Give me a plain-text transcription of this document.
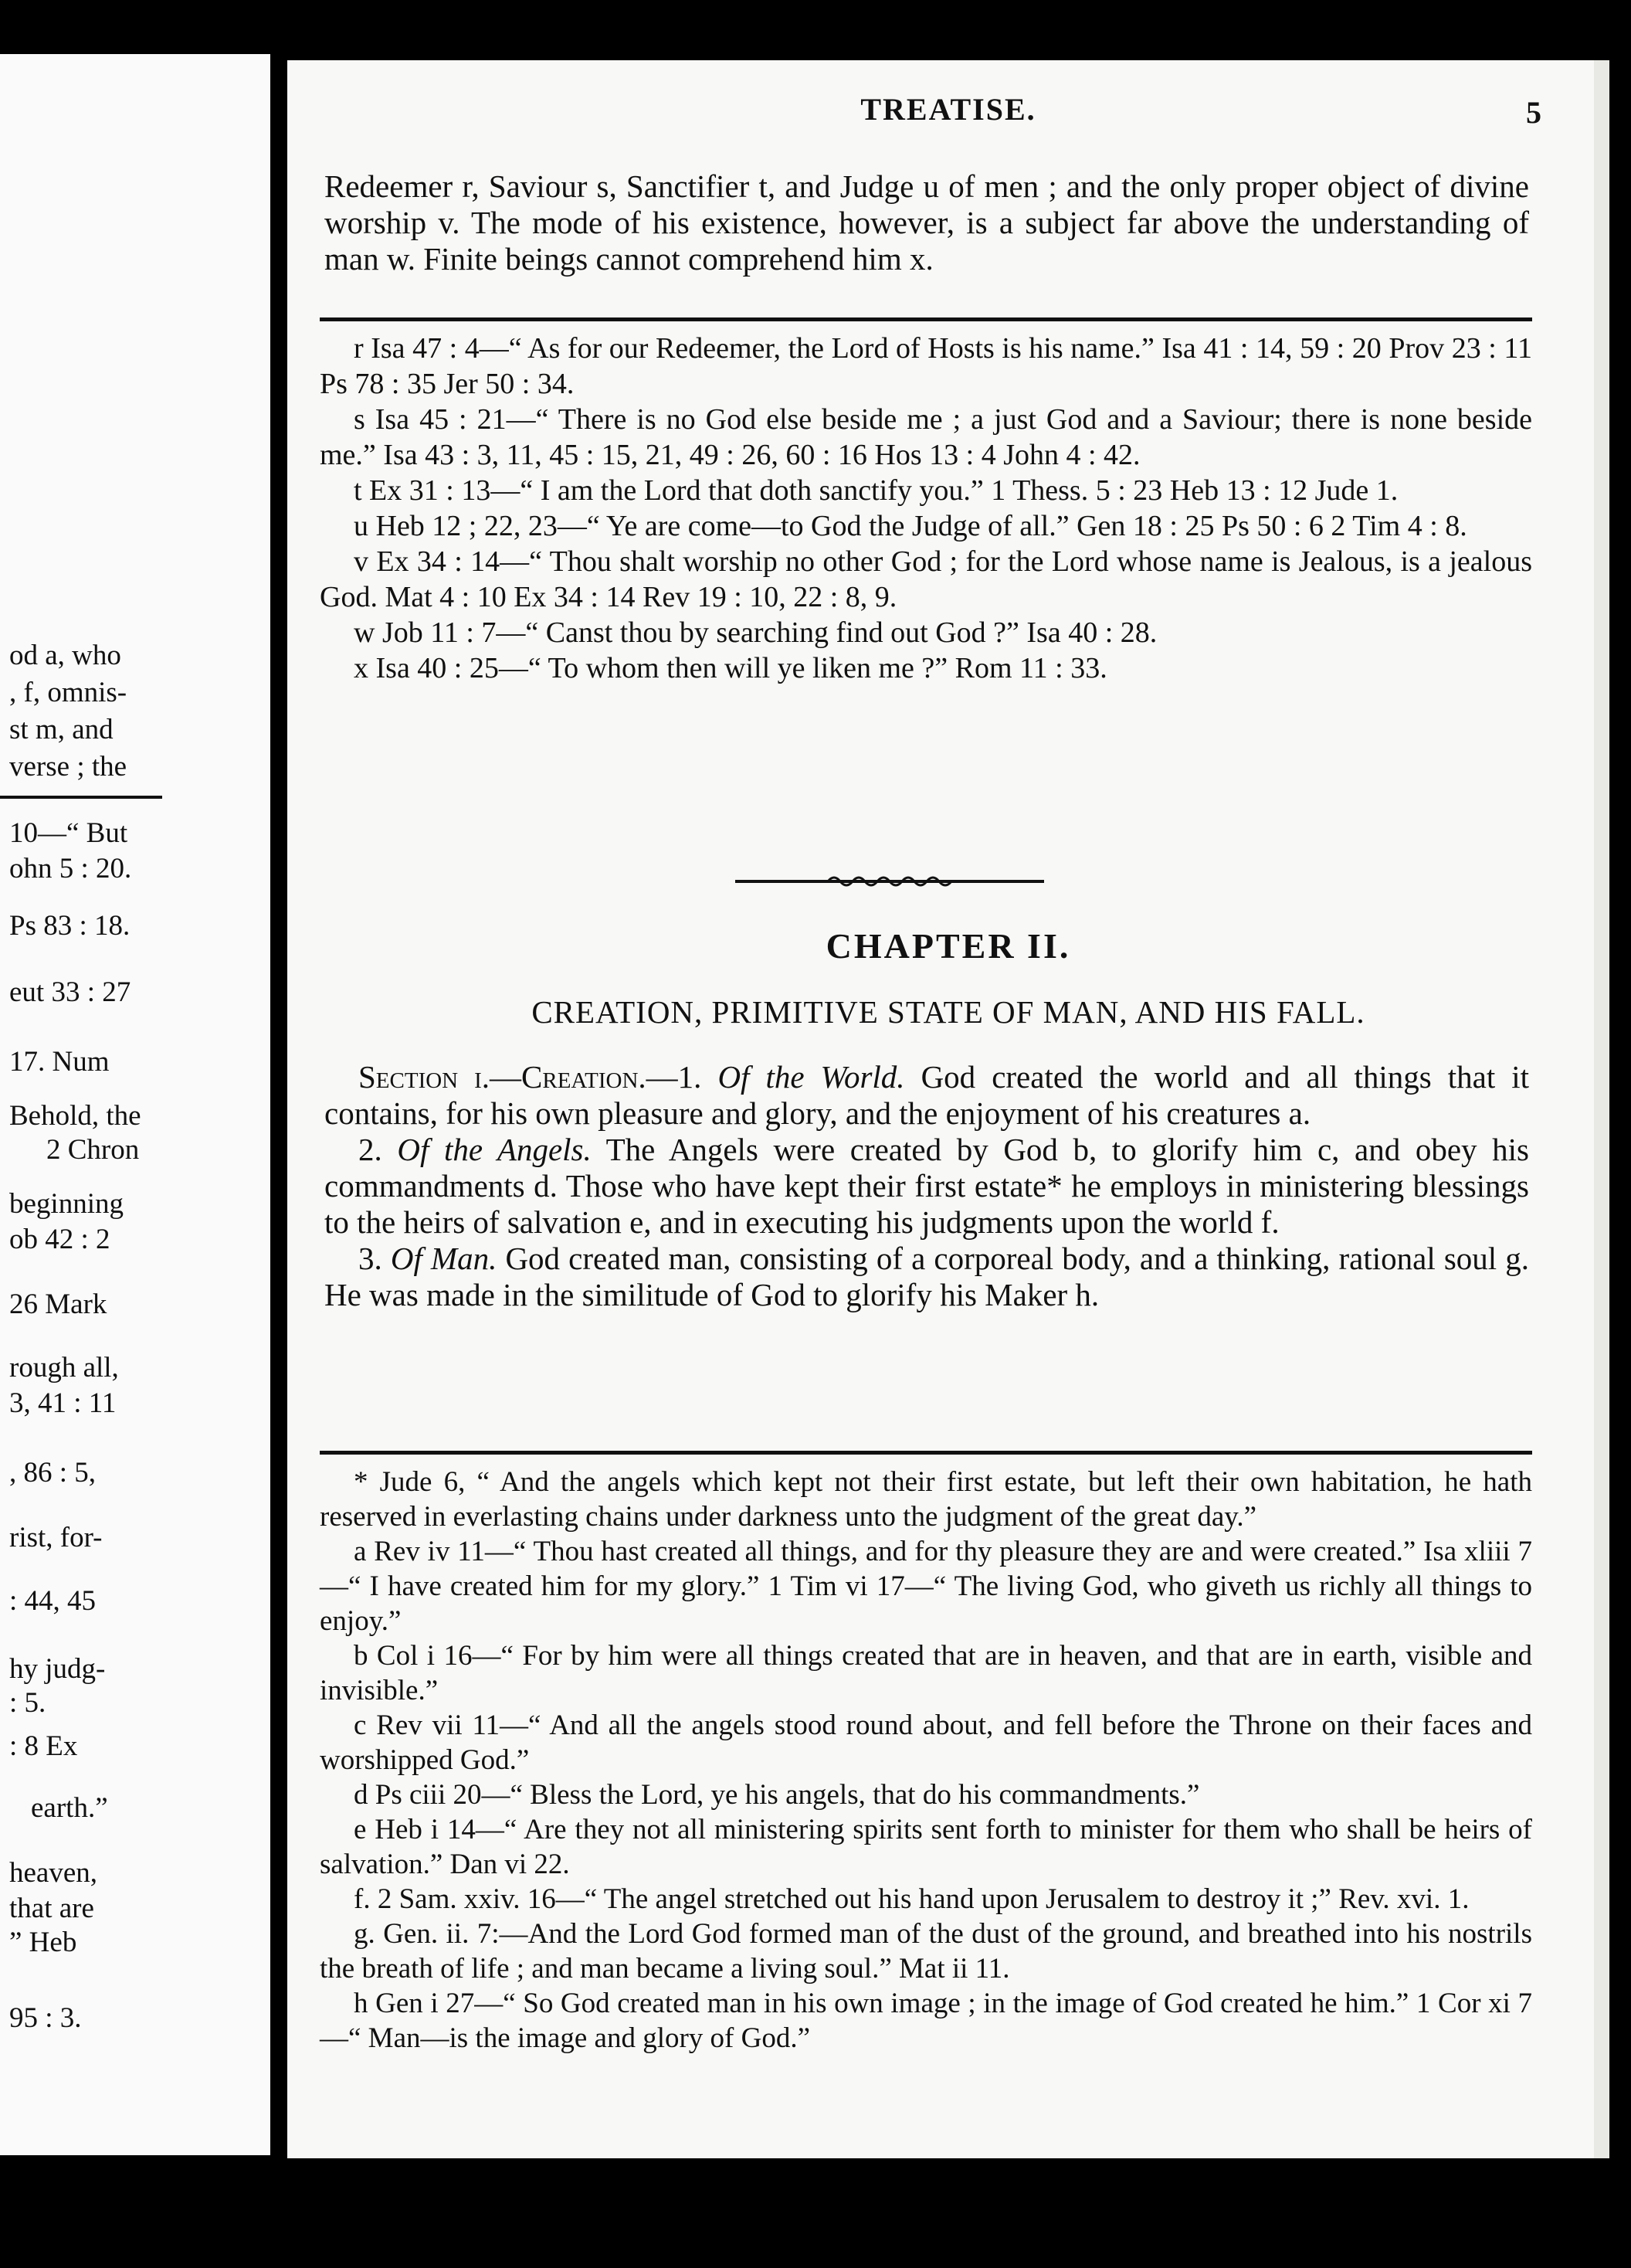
od a, who
, f, omnis-
st m, and
verse ; the
10—“ But
ohn 5 : 20.
Ps 83 : 18.
eut 33 : 27
17. Num
Behold, the
2 Chron
beginning
ob 42 : 2
26 Mark
rough all,
3, 41 : 11
, 86 : 5,
rist, for-
: 44, 45
hy judg-
: 5.
: 8 Ex
earth.”
heaven,
that are
” Heb
95 : 3.
TREATISE.	5

Redeemer r, Saviour s, Sanctifier t, and Judge u of men ; and the only proper object of divine worship v. The mode of his existence, however, is a subject far above the understanding of man w. Finite beings cannot comprehend him x.

r Isa 47 : 4—“ As for our Redeemer, the Lord of Hosts is his name.” Isa 41 : 14, 59 : 20 Prov 23 : 11 Ps 78 : 35 Jer 50 : 34.

s Isa 45 : 21—“ There is no God else beside me ; a just God and a Saviour; there is none beside me.” Isa 43 : 3, 11, 45 : 15, 21, 49 : 26, 60 : 16 Hos 13 : 4 John 4 : 42.

t Ex 31 : 13—“ I am the Lord that doth sanctify you.” 1 Thess. 5 : 23 Heb 13 : 12 Jude 1.

u Heb 12 ; 22, 23—“ Ye are come—to God the Judge of all.” Gen 18 : 25 Ps 50 : 6 2 Tim 4 : 8.

v Ex 34 : 14—“ Thou shalt worship no other God ; for the Lord whose name is Jealous, is a jealous God. Mat 4 : 10 Ex 34 : 14 Rev 19 : 10, 22 : 8, 9.

w Job 11 : 7—“ Canst thou by searching find out God ?” Isa 40 : 28.

x Isa 40 : 25—“ To whom then will ye liken me ?” Rom 11 : 33.

CHAPTER II.
CREATION, PRIMITIVE STATE OF MAN, AND HIS FALL.

Section i.—Creation.—1. Of the World. God created the world and all things that it contains, for his own pleasure and glory, and the enjoyment of his creatures a.

2. Of the Angels. The Angels were created by God b, to glorify him c, and obey his commandments d. Those who have kept their first estate* he employs in ministering blessings to the heirs of salvation e, and in executing his judgments upon the world f.

3. Of Man. God created man, consisting of a corporeal body, and a thinking, rational soul g. He was made in the similitude of God to glorify his Maker h.

* Jude 6, “ And the angels which kept not their first estate, but left their own habitation, he hath reserved in everlasting chains under darkness unto the judgment of the great day.”

a Rev iv 11—“ Thou hast created all things, and for thy pleasure they are and were created.” Isa xliii 7—“ I have created him for my glory.” 1 Tim vi 17—“ The living God, who giveth us richly all things to enjoy.”

b Col i 16—“ For by him were all things created that are in heaven, and that are in earth, visible and invisible.”

c Rev vii 11—“ And all the angels stood round about, and fell before the Throne on their faces and worshipped God.”

d Ps ciii 20—“ Bless the Lord, ye his angels, that do his commandments.”

e Heb i 14—“ Are they not all ministering spirits sent forth to minister for them who shall be heirs of salvation.” Dan vi 22.

f. 2 Sam. xxiv. 16—“ The angel stretched out his hand upon Jerusalem to destroy it ;” Rev. xvi. 1.

g. Gen. ii. 7:—And the Lord God formed man of the dust of the ground, and breathed into his nostrils the breath of life ; and man became a living soul.” Mat ii 11.

h Gen i 27—“ So God created man in his own image ; in the image of God created he him.” 1 Cor xi 7—“ Man—is the image and glory of God.”
